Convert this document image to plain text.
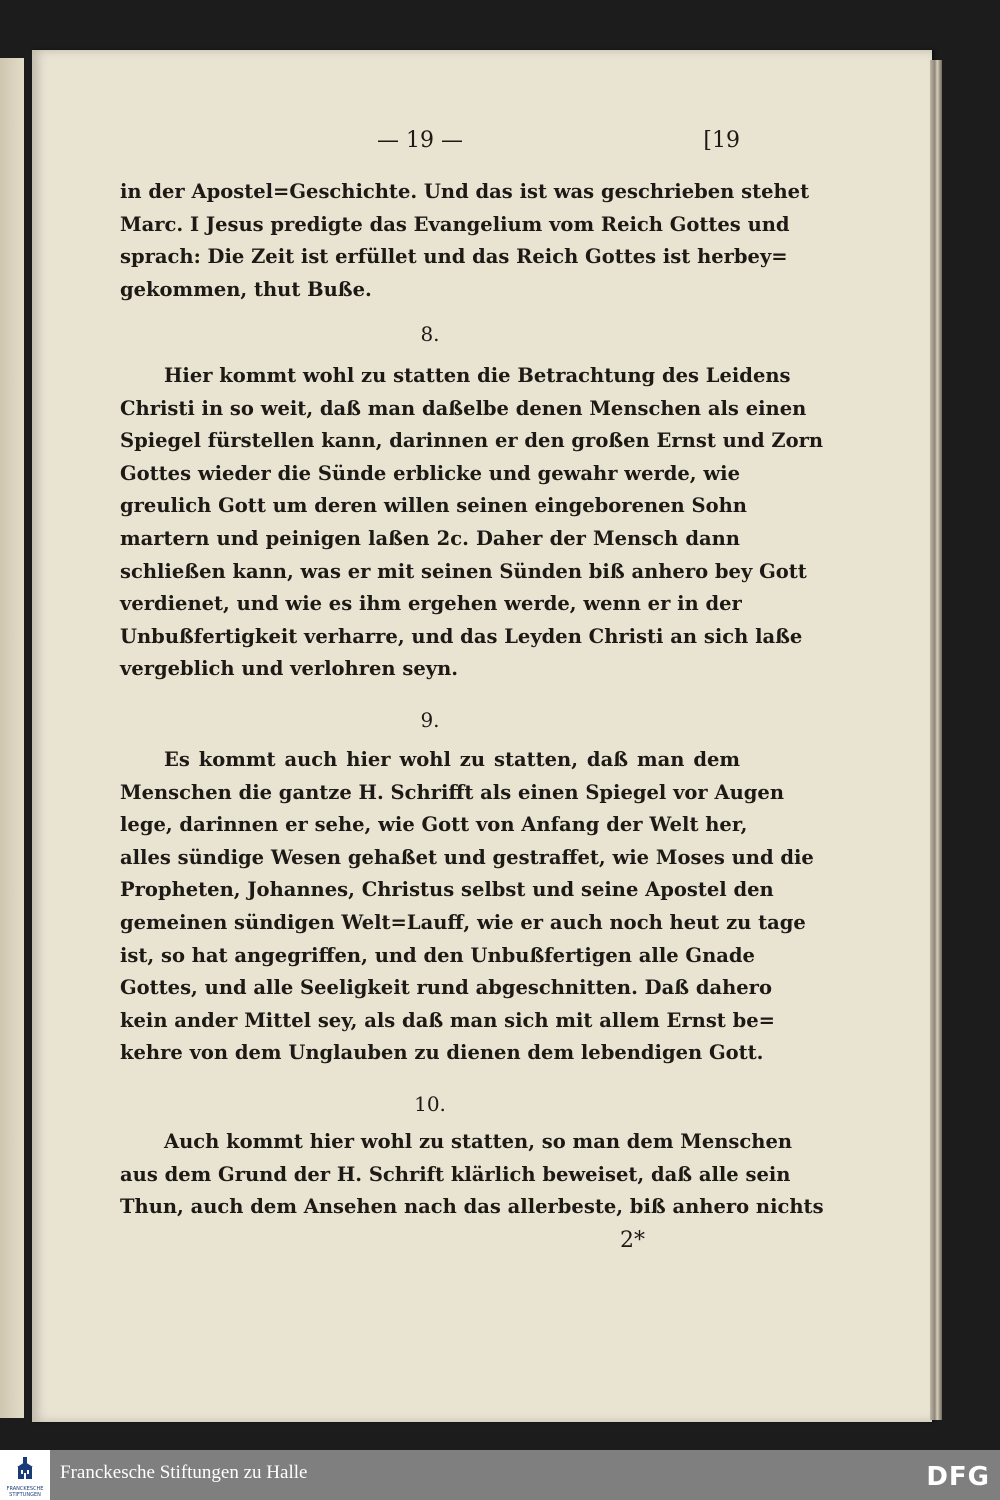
— 19 —	[19
in der Apostel=Geschichte. Und das ist was geschrieben stehet
Marc. I Jesus predigte das Evangelium vom Reich Gottes und
sprach: Die Zeit ist erfüllet und das Reich Gottes ist herbey=
gekommen, thut Buße.
8.
Hier kommt wohl zu statten die Betrachtung des Leidens
Christi in so weit, daß man daßelbe denen Menschen als einen
Spiegel fürstellen kann, darinnen er den großen Ernst und Zorn
Gottes wieder die Sünde erblicke und gewahr werde, wie
greulich Gott um deren willen seinen eingeborenen Sohn
martern und peinigen laßen 2c. Daher der Mensch dann
schließen kann, was er mit seinen Sünden biß anhero bey Gott
verdienet, und wie es ihm ergehen werde, wenn er in der
Unbußfertigkeit verharre, und das Leyden Christi an sich laße
vergeblich und verlohren seyn.
9.
Es kommt auch hier wohl zu statten, daß man dem
Menschen die gantze H. Schrifft als einen Spiegel vor Augen
lege, darinnen er sehe, wie Gott von Anfang der Welt her,
alles sündige Wesen gehaßet und gestraffet, wie Moses und die
Propheten, Johannes, Christus selbst und seine Apostel den
gemeinen sündigen Welt=Lauff, wie er auch noch heut zu tage
ist, so hat angegriffen, und den Unbußfertigen alle Gnade
Gottes, und alle Seeligkeit rund abgeschnitten. Daß dahero
kein ander Mittel sey, als daß man sich mit allem Ernst be=
kehre von dem Unglauben zu dienen dem lebendigen Gott.
10.
Auch kommt hier wohl zu statten, so man dem Menschen
aus dem Grund der H. Schrift klärlich beweiset, daß alle sein
Thun, auch dem Ansehen nach das allerbeste, biß anhero nichts
2*
FRANCKESCHE STIFTUNGEN
Franckesche Stiftungen zu Halle	DFG
